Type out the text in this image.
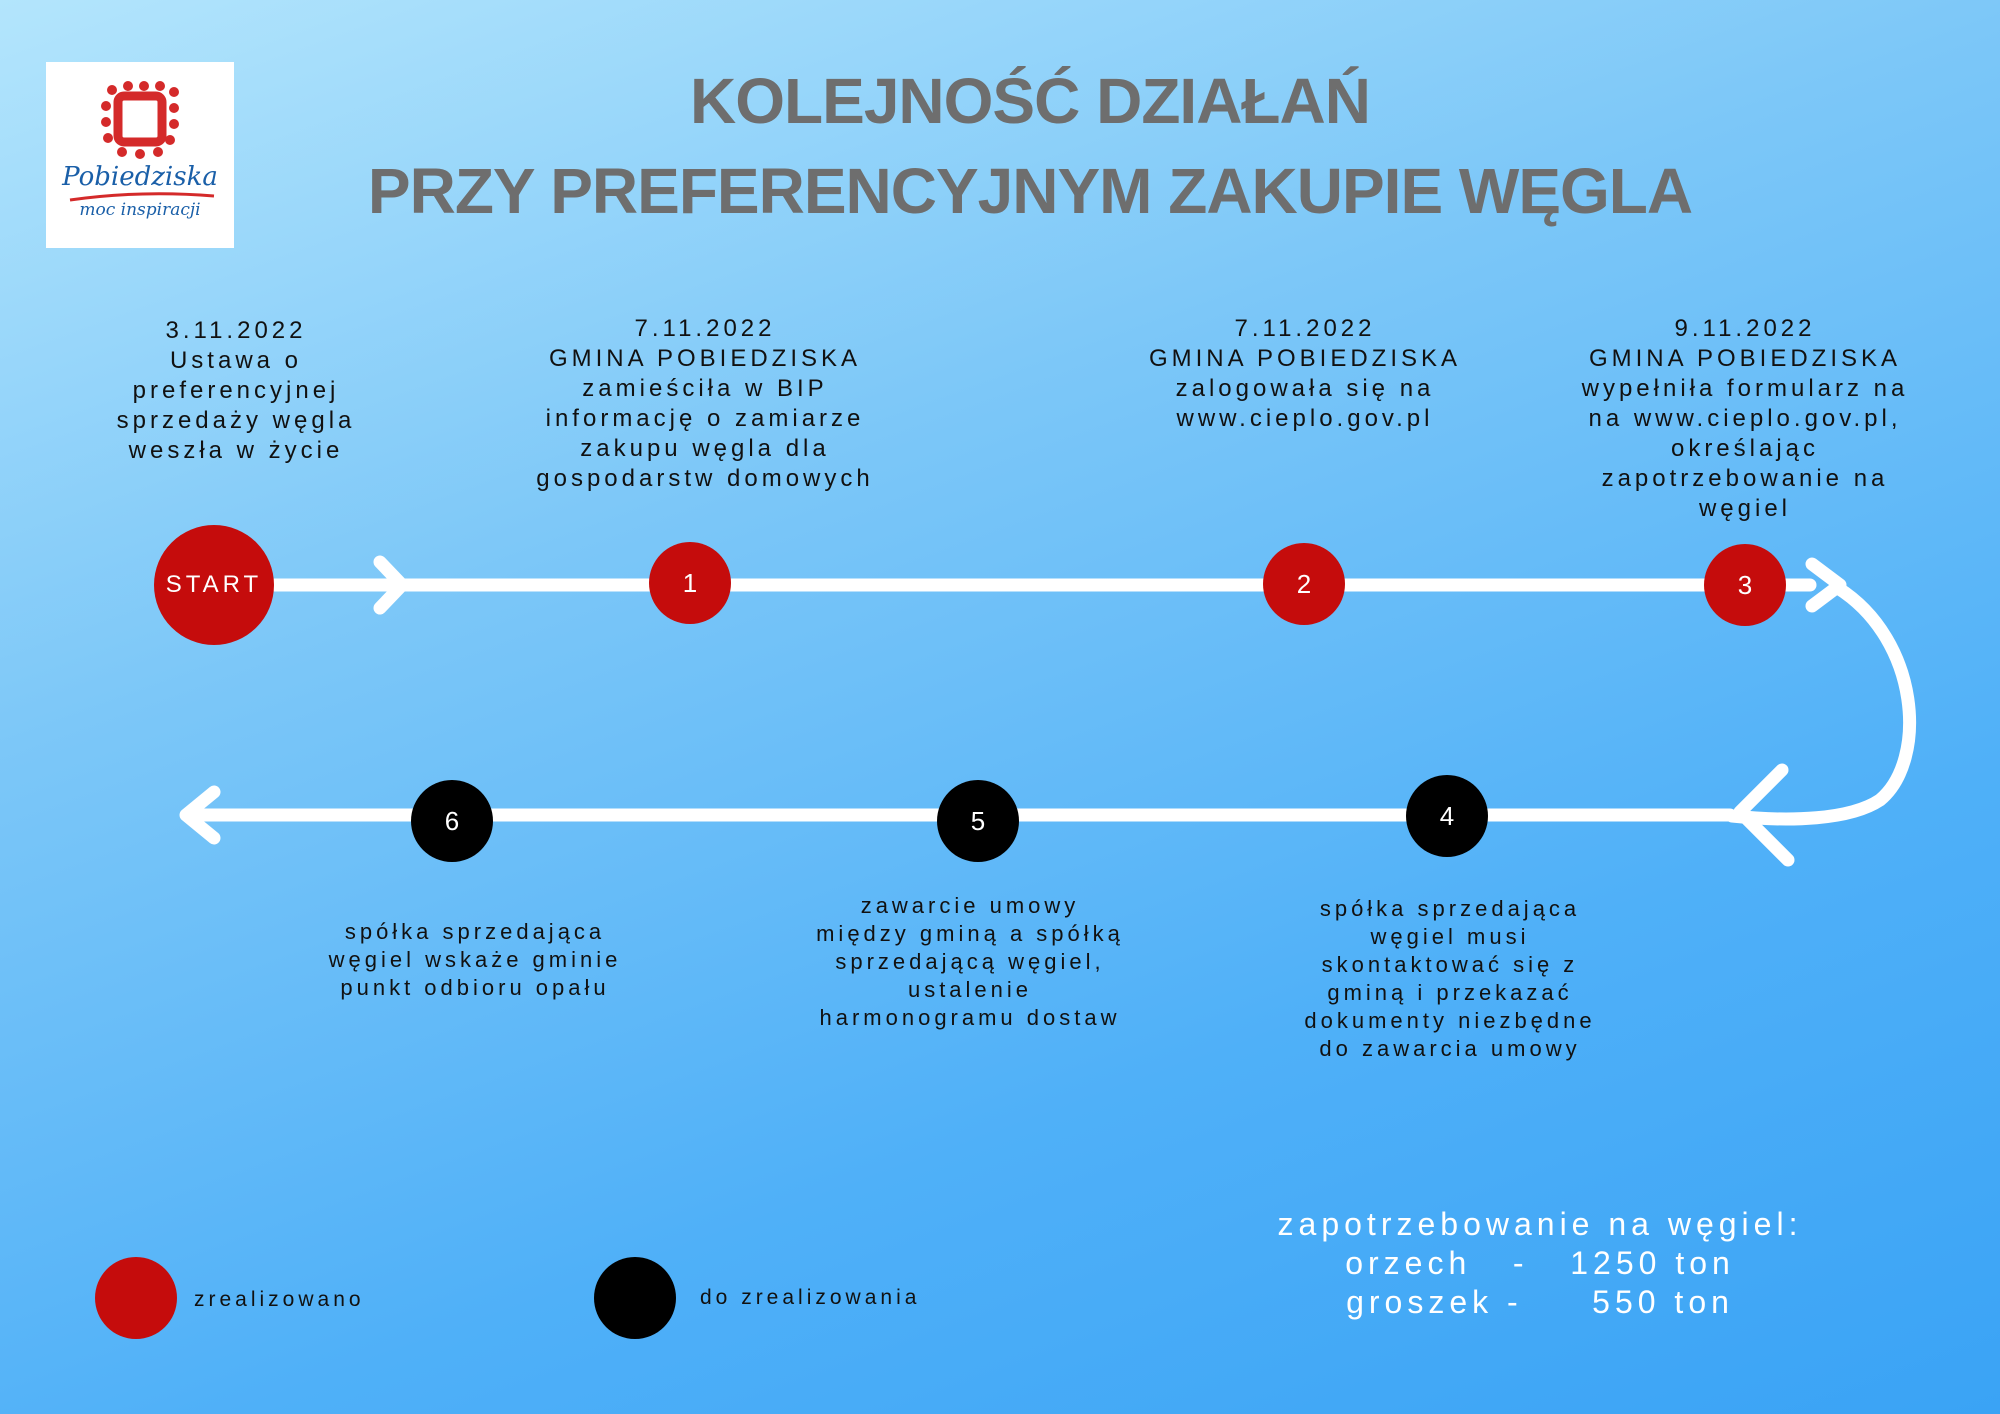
Pobiedziska
moc inspiracji
KOLEJNOŚĆ DZIAŁAŃ
PRZY PREFERENCYJNYM ZAKUPIE WĘGLA
START	1	2	3
4
5
6
3.11.2022
Ustawa o
preferencyjnej
sprzedaży węgla
weszła w życie
7.11.2022
GMINA POBIEDZISKA
zamieściła w BIP
informację o zamiarze
zakupu węgla dla
gospodarstw domowych
7.11.2022
GMINA POBIEDZISKA
zalogowała się na
www.cieplo.gov.pl
9.11.2022
GMINA POBIEDZISKA
wypełniła formularz na
na www.cieplo.gov.pl,
określając
zapotrzebowanie na
węgiel
spółka sprzedająca
węgiel wskaże gminie
punkt odbioru opału
zawarcie umowy
między gminą a spółką
sprzedającą węgiel,
ustalenie
harmonogramu dostaw
spółka sprzedająca
węgiel musi
skontaktować się z
gminą i przekazać
dokumenty niezbędne
do zawarcia umowy
zrealizowano	do zrealizowania
zapotrzebowanie na węgiel:
orzech   -   1250 ton
groszek -     550 ton
